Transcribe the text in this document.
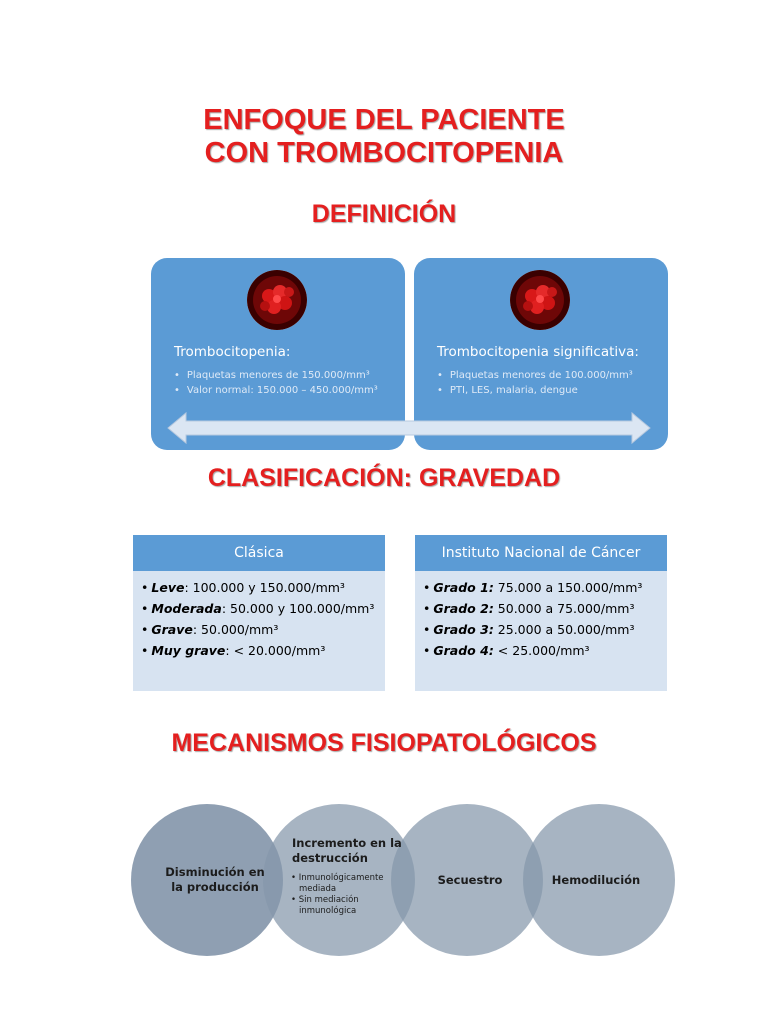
ENFOQUE DEL PACIENTE
CON TROMBOCITOPENIA
DEFINICIÓN
Trombocitopenia:
• Plaquetas menores de 150.000/mm³
• Valor normal: 150.000 – 450.000/mm³
Trombocitopenia significativa:
• Plaquetas menores de 100.000/mm³
• PTI, LES, malaria, dengue
CLASIFICACIÓN: GRAVEDAD
Clásica
• Leve: 100.000 y 150.000/mm³
• Moderada: 50.000 y 100.000/mm³
• Grave: 50.000/mm³
• Muy grave: < 20.000/mm³
Instituto Nacional de Cáncer
• Grado 1: 75.000 a 150.000/mm³
• Grado 2: 50.000 a 75.000/mm³
• Grado 3: 25.000 a 50.000/mm³
• Grado 4: < 25.000/mm³
MECANISMOS FISIOPATOLÓGICOS
Disminución en la producción
Incremento en la destrucción
• Inmunológicamente mediada
• Sin mediación inmunológica
Secuestro	Hemodilución
